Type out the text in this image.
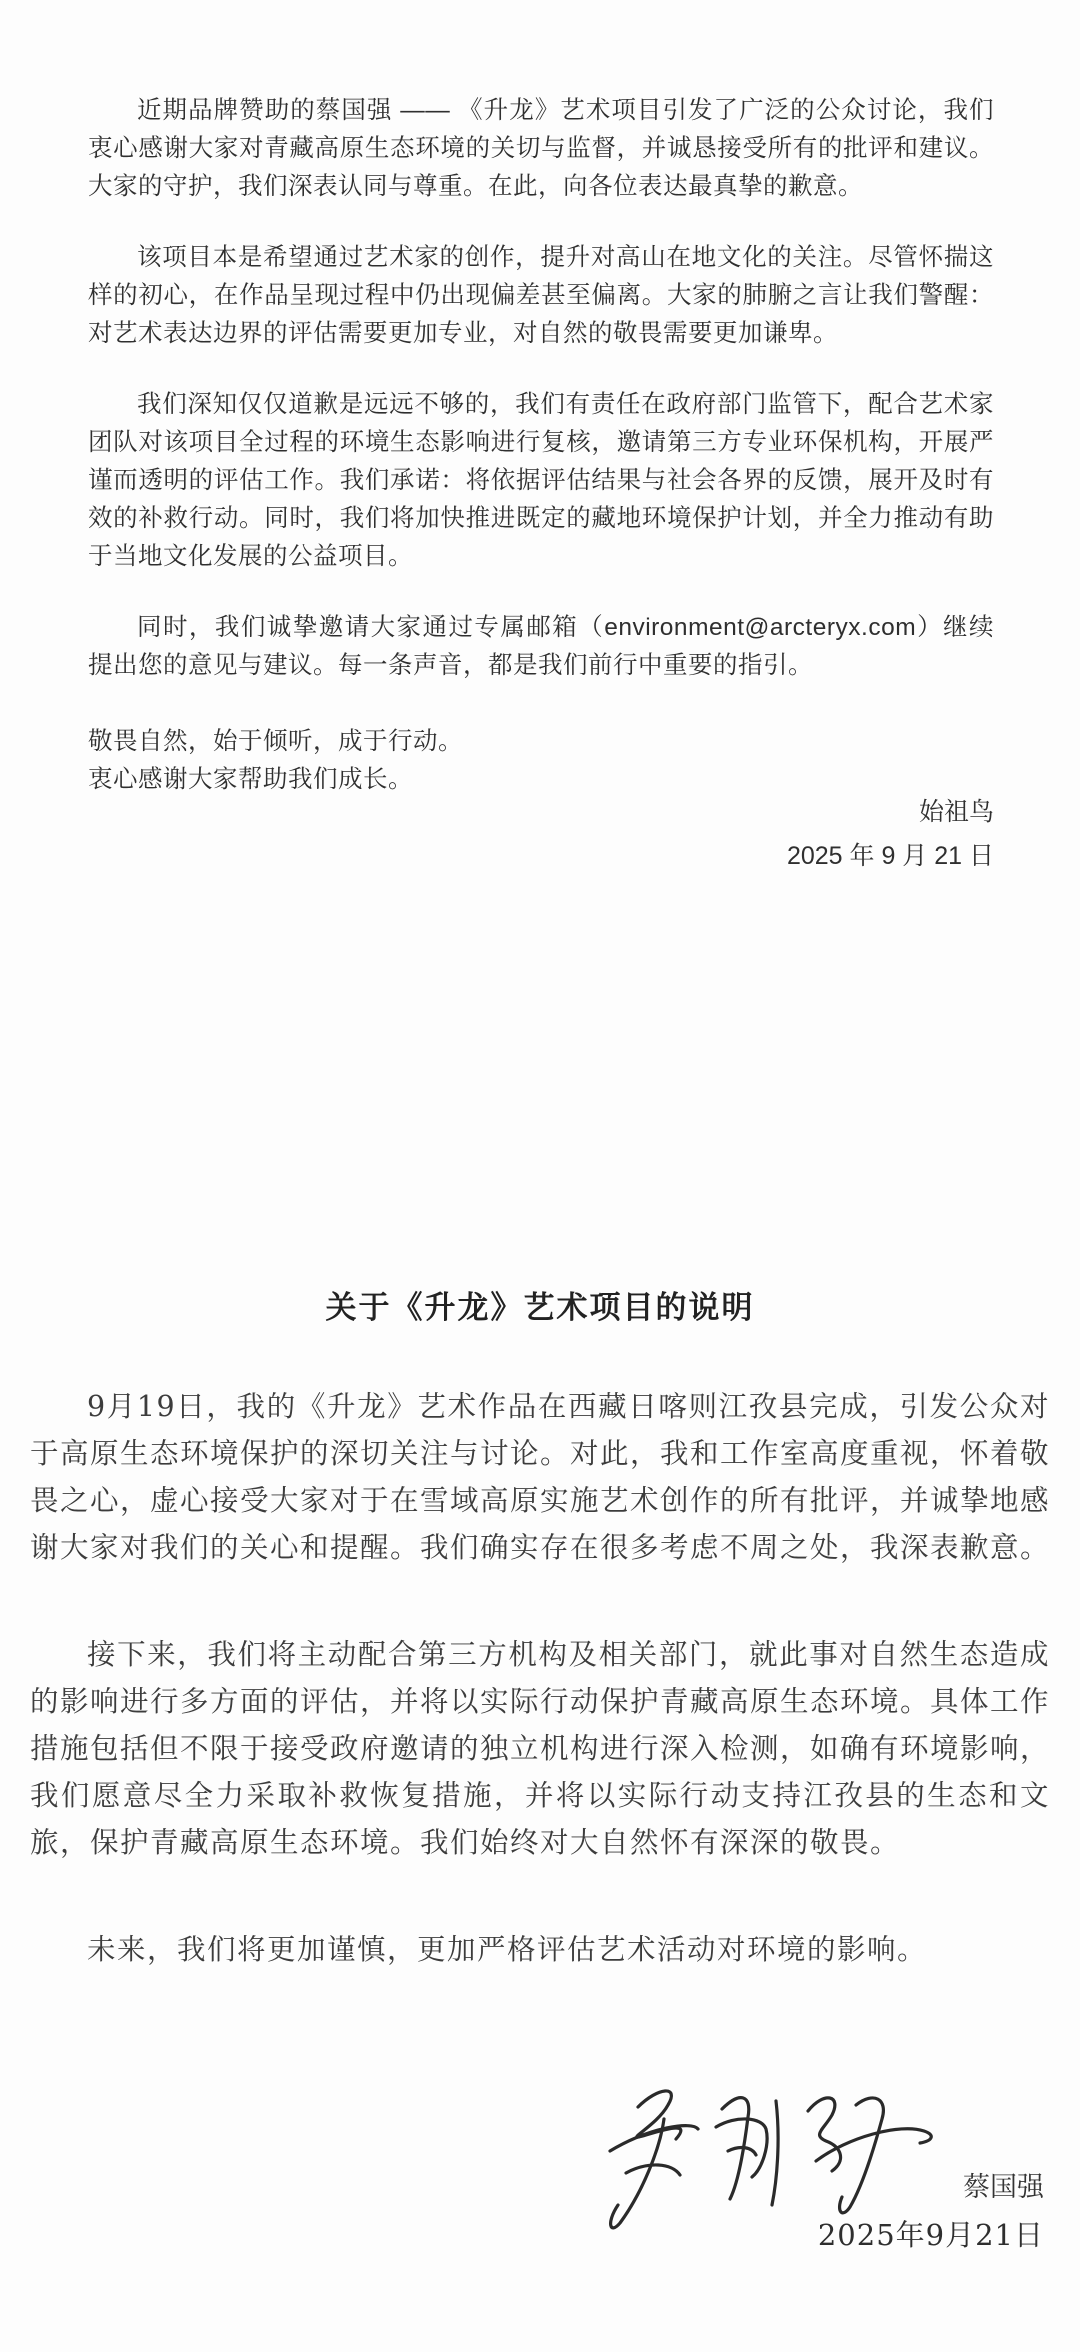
近期品牌赞助的蔡国强 —— 《升龙》艺术项目引发了广泛的公众讨论，我们衷心感谢大家对青藏高原生态环境的关切与监督，并诚恳接受所有的批评和建议。大家的守护，我们深表认同与尊重。在此，向各位表达最真挚的歉意。

该项目本是希望通过艺术家的创作，提升对高山在地文化的关注。尽管怀揣这样的初心，在作品呈现过程中仍出现偏差甚至偏离。大家的肺腑之言让我们警醒：对艺术表达边界的评估需要更加专业，对自然的敬畏需要更加谦卑。

我们深知仅仅道歉是远远不够的，我们有责任在政府部门监管下，配合艺术家团队对该项目全过程的环境生态影响进行复核，邀请第三方专业环保机构，开展严谨而透明的评估工作。我们承诺：将依据评估结果与社会各界的反馈，展开及时有效的补救行动。同时，我们将加快推进既定的藏地环境保护计划，并全力推动有助于当地文化发展的公益项目。

同时，我们诚挚邀请大家通过专属邮箱（environment@arcteryx.com）继续提出您的意见与建议。每一条声音，都是我们前行中重要的指引。

敬畏自然，始于倾听，成于行动。

衷心感谢大家帮助我们成长。

始祖鸟

2025 年 9 月 21 日

关于《升龙》艺术项目的说明

9月19日，我的《升龙》艺术作品在西藏日喀则江孜县完成，引发公众对于高原生态环境保护的深切关注与讨论。对此，我和工作室高度重视，怀着敬畏之心，虚心接受大家对于在雪域高原实施艺术创作的所有批评，并诚挚地感谢大家对我们的关心和提醒。我们确实存在很多考虑不周之处，我深表歉意。

接下来，我们将主动配合第三方机构及相关部门，就此事对自然生态造成的影响进行多方面的评估，并将以实际行动保护青藏高原生态环境。具体工作措施包括但不限于接受政府邀请的独立机构进行深入检测，如确有环境影响，我们愿意尽全力采取补救恢复措施，并将以实际行动支持江孜县的生态和文旅，保护青藏高原生态环境。我们始终对大自然怀有深深的敬畏。

未来，我们将更加谨慎，更加严格评估艺术活动对环境的影响。

蔡国强
2025年9月21日
